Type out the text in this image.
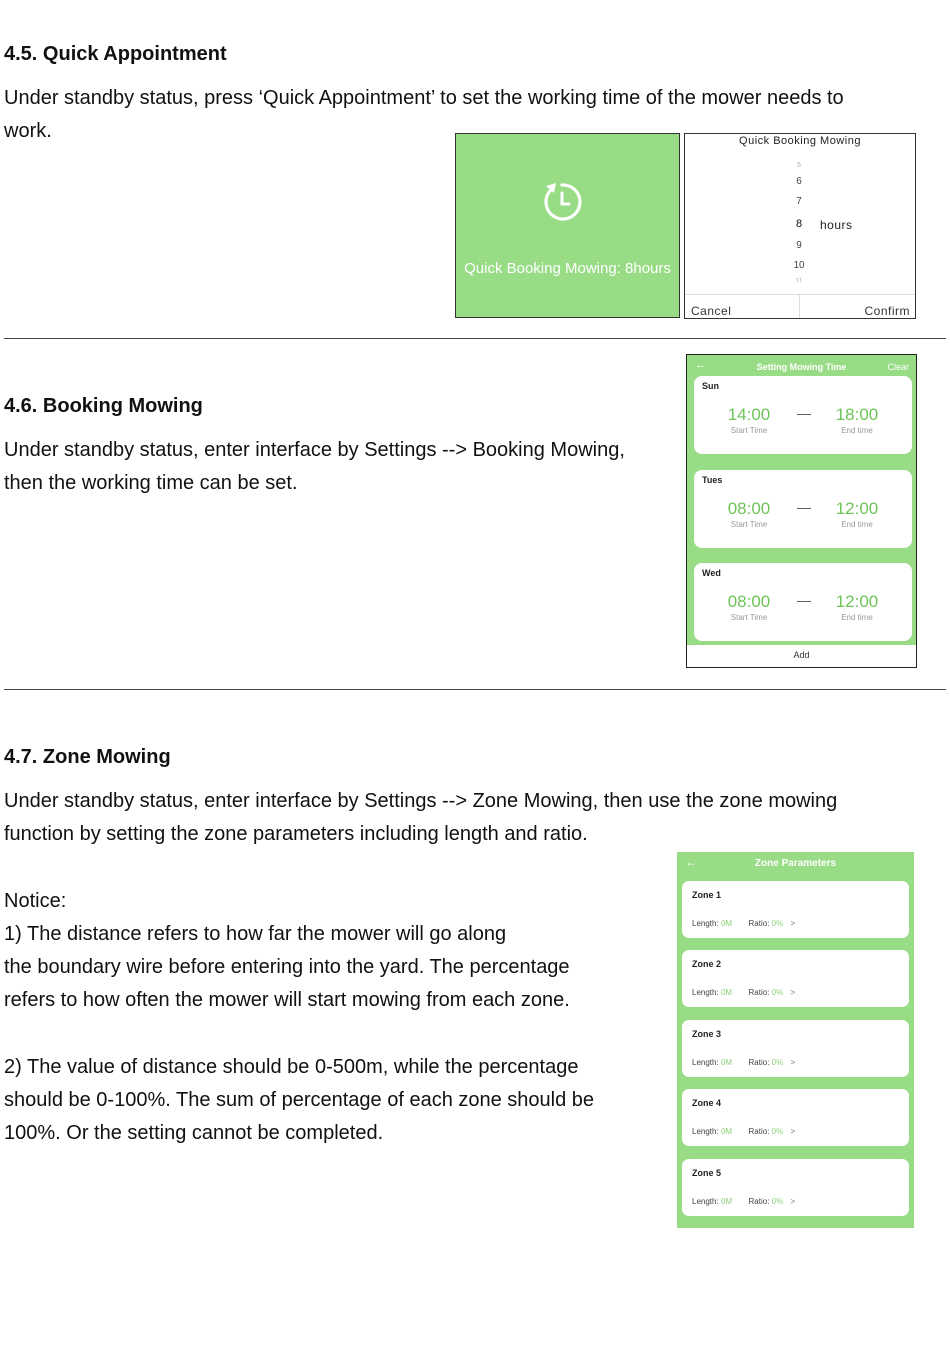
4.5. Quick Appointment
Under standby status, press ‘Quick Appointment’ to set the working time of the mower needs to
work.
Quick Booking Mowing: 8hours
Quick Booking Mowing
5
6
7
8
9
10
11
hours
Cancel	Confirm
4.6. Booking Mowing
Under standby status, enter interface by Settings --> Booking Mowing,
then the working time can be set.
←	Setting Mowing Time	Clear
Sun
14:00
Start Time
—	18:00
End time
Tues
08:00
Start Time
—	12:00
End time
Wed
08:00
Start Time
—	12:00
End time
Add
4.7. Zone Mowing
Under standby status, enter interface by Settings --> Zone Mowing, then use the zone mowing
function by setting the zone parameters including length and ratio.
Notice:
1) The distance refers to how far the mower will go along
the boundary wire before entering into the yard. The percentage
refers to how often the mower will start mowing from each zone.
2) The value of distance should be 0-500m, while the percentage
should be 0-100%. The sum of percentage of each zone should be
100%. Or the setting cannot be completed.
←	Zone Parameters
Zone 1
Length: 0M Ratio: 0% >
Zone 2
Length: 0M Ratio: 0% >
Zone 3
Length: 0M Ratio: 0% >
Zone 4
Length: 0M Ratio: 0% >
Zone 5
Length: 0M Ratio: 0% >
